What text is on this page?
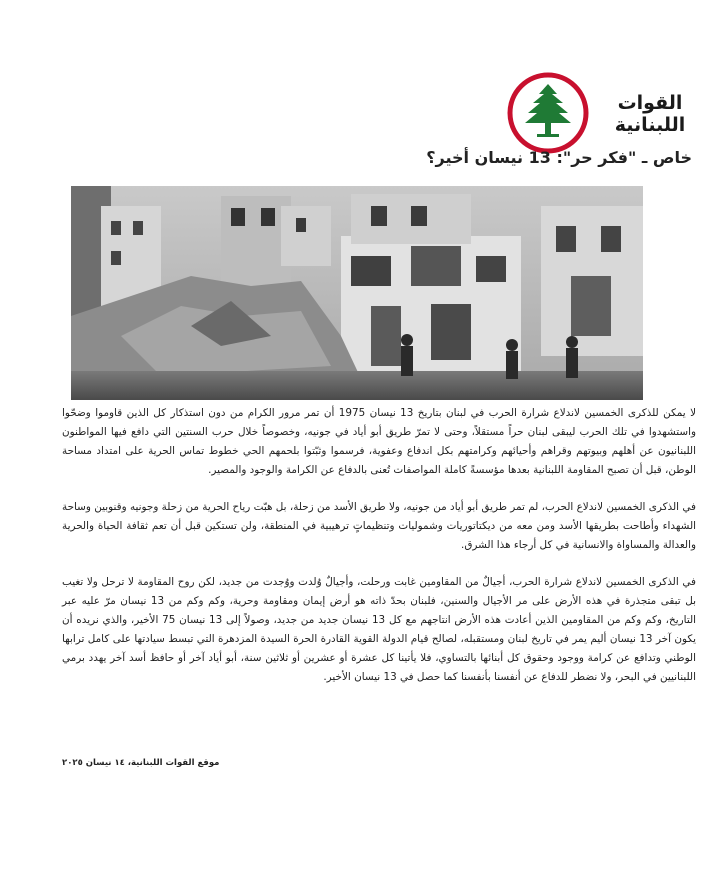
القوات اللبنانية
خاص ـ "فكر حر": 13 نيسان أخير؟

لا يمكن للذكرى الخمسين لاندلاع شرارة الحرب في لبنان بتاريخ 13 نيسان 1975 أن تمر مرور الكرام من دون استذكار كل الذين قاوموا وضحّوا واستشهدوا في تلك الحرب ليبقى لبنان حراً مستقلاً، وحتى لا تمرّ طريق أبو أياد في جونيه، وخصوصاً خلال حرب السنتين التي دافع فيها المواطنون اللبنانيون عن أهلهم وبيوتهم وقراهم وأحيائهم وكرامتهم بكل اندفاع وعفوية، فرسموا وثبّتوا بلحمهم الحي خطوط تماس الحرية على امتداد مساحة الوطن، قبل أن تصبح المقاومة اللبنانية بعدها مؤسسةً كاملة المواصفات تُعنى بالدفاع عن الكرامة والوجود والمصير.

في الذكرى الخمسين لاندلاع الحرب، لم تمر طريق أبو أياد من جونيه، ولا طريق الأسد من زحلة، بل هبّت رياح الحرية من زحلة وجونيه وقنوبين وساحة الشهداء وأطاحت بطريقها الأسد ومن معه من ديكتاتوريات وشموليات وتنظيماتٍ ترهيبية في المنطقة، ولن تستكين قبل أن تعم ثقافة الحياة والحرية والعدالة والمساواة والانسانية في كل أرجاء هذا الشرق.

في الذكرى الخمسين لاندلاع شرارة الحرب، أجيالٌ من المقاومين غابت ورحلت، وأجيالٌ وُلدت ووُجدت من جديد، لكن روح المقاومة لا ترحل ولا تغيب بل تبقى متجذرة في هذه الأرض على مر الأجيال والسنين، فلبنان بحدّ ذاته هو أرض إيمان ومقاومة وحرية، وكم وكم من 13 نيسان مرّ عليه عبر التاريخ، وكم وكم من المقاومين الذين أعادت هذه الأرض انتاجهم مع كل 13 نيسان جديد من جديد، وصولاً إلى 13 نيسان 75 الأخير، والذي نريده أن يكون آخر 13 نيسان أليم يمر في تاريخ لبنان ومستقبله، لصالح قيام الدولة القوية القادرة الحرة السيدة المزدهرة التي تبسط سيادتها على كامل ترابها الوطني وتدافع عن كرامة ووجود وحقوق كل أبنائها بالتساوي، فلا يأتينا كل عشرة أو عشرين أو ثلاثين سنة، أبو أياد آخر أو حافظ أسد آخر يهدد برمي اللبنانيين في البحر، ولا نضطر للدفاع عن أنفسنا بأنفسنا كما حصل في 13 نيسان الأخير.

موقع القوات اللبنانية، ١٤ نيسان ٢٠٢٥
